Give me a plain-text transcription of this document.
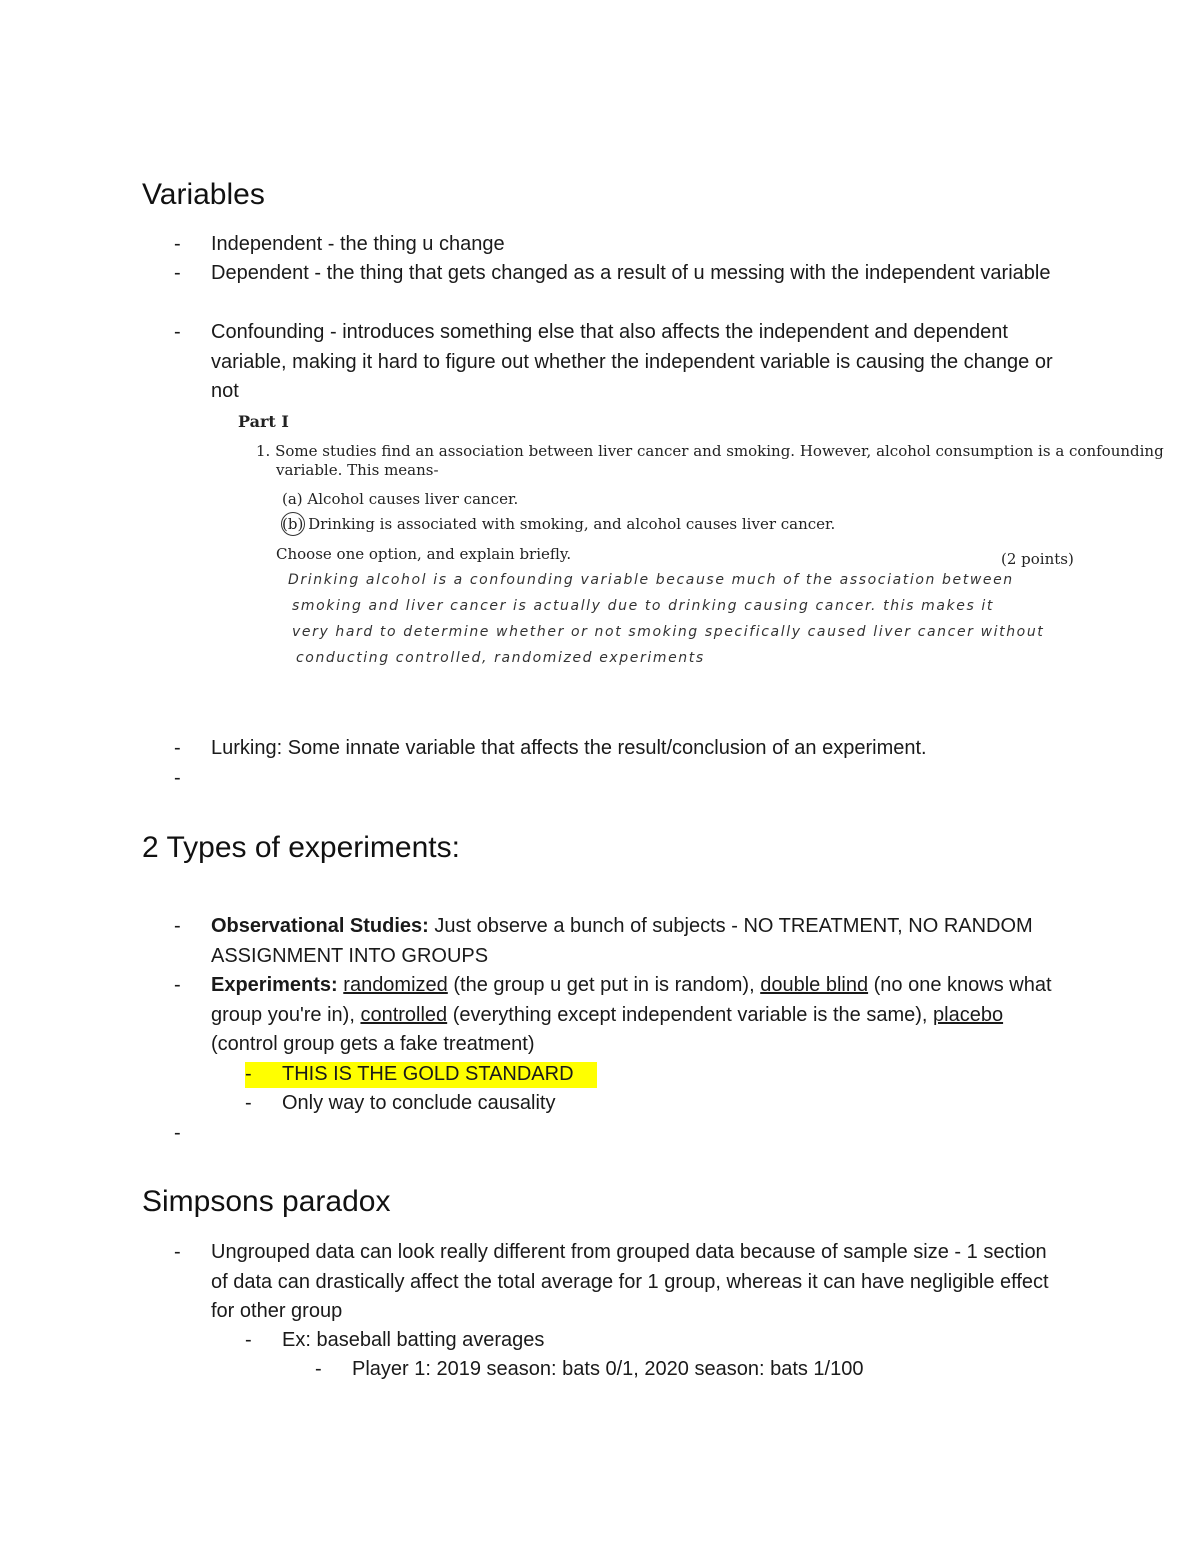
Variables
- Independent - the thing u change
- Dependent - the thing that gets changed as a result of u messing with the independent variable
- Confounding - introduces something else that also affects the independent and dependent variable, making it hard to figure out whether the independent variable is causing the change or not
Part I
1. Some studies find an association between liver cancer and smoking. However, alcohol consumption is a confounding
variable. This means-
(a) Alcohol causes liver cancer.
(b) Drinking is associated with smoking, and alcohol causes liver cancer.
Choose one option, and explain briefly.	(2 points)
Drinking alcohol is a confounding variable because much of the association between
smoking and liver cancer is actually due to drinking causing cancer. this makes it
very hard to determine whether or not smoking specifically caused liver cancer without
conducting controlled, randomized experiments
- Lurking: Some innate variable that affects the result/conclusion of an experiment.
-
2 Types of experiments:
- Observational Studies: Just observe a bunch of subjects - NO TREATMENT, NO RANDOM ASSIGNMENT INTO GROUPS
- Experiments: randomized (the group u get put in is random), double blind (no one knows what group you're in), controlled (everything except independent variable is the same), placebo (control group gets a fake treatment)
- THIS IS THE GOLD STANDARD
- Only way to conclude causality
-
Simpsons paradox
- Ungrouped data can look really different from grouped data because of sample size - 1 section of data can drastically affect the total average for 1 group, whereas it can have negligible effect for other group
- Ex: baseball batting averages
- Player 1: 2019 season: bats 0/1, 2020 season: bats 1/100
